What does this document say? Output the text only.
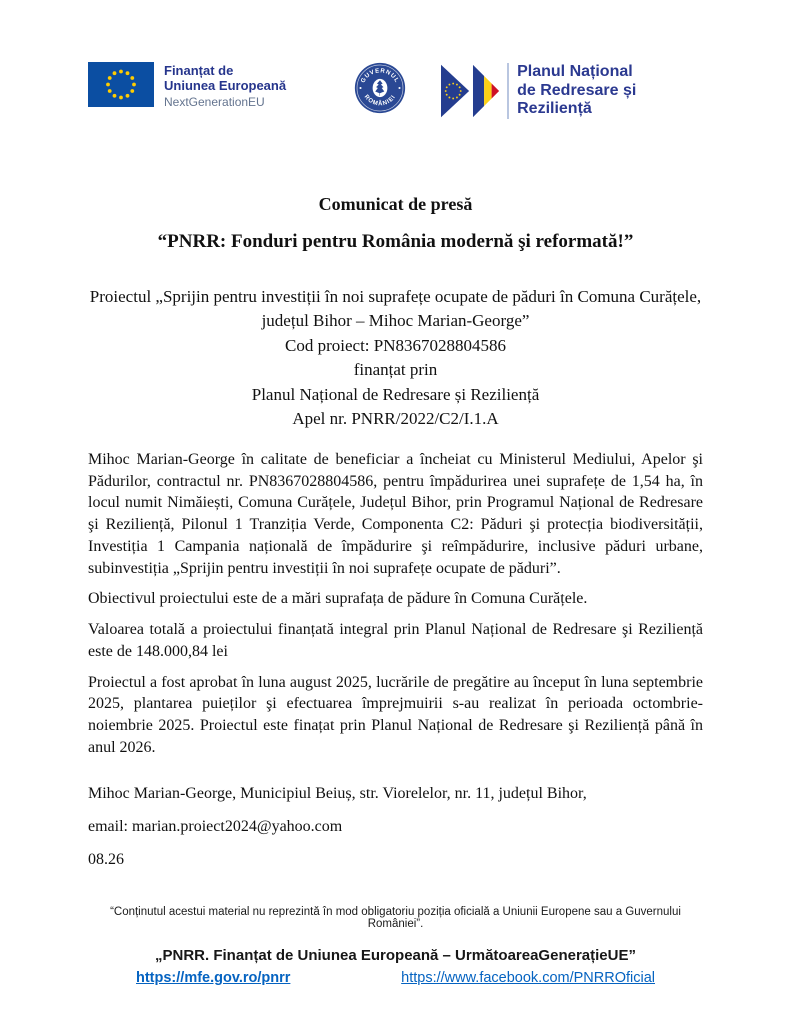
Finanțat de
Uniunea Europeană
NextGenerationEU
GUVERNUL
ROMÂNIEI
Planul Național
de Redresare și Reziliență
Comunicat de presă
“PNRR: Fonduri pentru România modernă şi reformată!”
Proiectul „Sprijin pentru investiții în noi suprafețe ocupate de păduri în Comuna Curățele, județul Bihor – Mihoc Marian-George”
Cod proiect: PN8367028804586
finanțat prin
Planul Național de Redresare și Reziliență
Apel nr. PNRR/2022/C2/I.1.A

Mihoc Marian-George în calitate de beneficiar a încheiat cu Ministerul Mediului, Apelor şi Pădurilor, contractul nr. PN8367028804586, pentru împădurirea unei suprafețe de 1,54 ha, în locul numit Nimăiești, Comuna Curățele, Județul Bihor, prin Programul Național de Redresare şi Reziliență, Pilonul 1 Tranziția Verde, Componenta C2: Păduri şi protecția biodiversității, Investiția 1 Campania națională de împădurire şi reîmpădurire, inclusive păduri urbane, subinvestiția „Sprijin pentru investiții în noi suprafețe ocupate de păduri”.

Obiectivul proiectului este de a mări suprafața de pădure în Comuna Curățele.

Valoarea totală a proiectului finanțată integral prin Planul Național de Redresare şi Reziliență este de 148.000,84 lei

Proiectul a fost aprobat în luna august 2025, lucrările de pregătire au început în luna septembrie 2025, plantarea puieților şi efectuarea împrejmuirii s-au realizat în perioada octombrie-noiembrie 2025. Proiectul este finațat prin Planul Național de Redresare şi Reziliență până în anul 2026.

Mihoc Marian-George, Municipiul Beiuș, str. Viorelelor, nr. 11, județul Bihor,
email: marian.proiect2024@yahoo.com
08.26
“Conținutul acestui material nu reprezintă în mod obligatoriu poziția oficială a Uniunii Europene sau a Guvernului României”.
„PNRR. Finanțat de Uniunea Europeană – UrmătoareaGenerațieUE”
https://mfe.gov.ro/pnrr	https://www.facebook.com/PNRROficial
